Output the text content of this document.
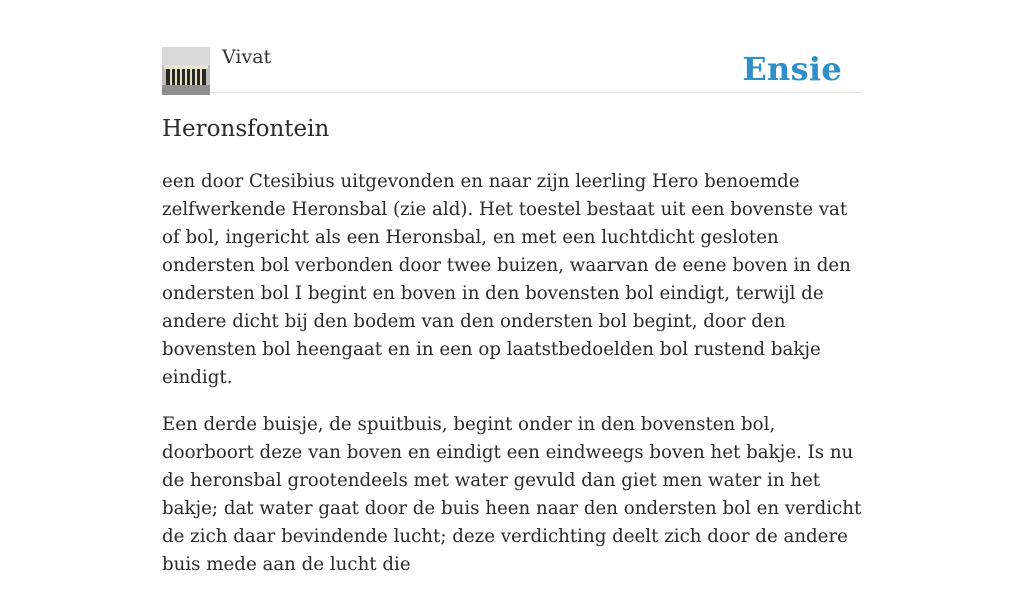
Vivat	Ensie
Heronsfontein

een door Ctesibius uitgevonden en naar zijn leerling Hero benoemde zelfwerkende Heronsbal (zie ald). Het toestel bestaat uit een bovenste vat of bol, ingericht als een Heronsbal, en met een luchtdicht gesloten ondersten bol verbonden door twee buizen, waarvan de eene boven in den ondersten bol I begint en boven in den bovensten bol eindigt, terwijl de andere dicht bij den bodem van den ondersten bol begint, door den bovensten bol heengaat en in een op laatstbedoelden bol rustend bakje eindigt.

Een derde buisje, de spuitbuis, begint onder in den bovensten bol, doorboort deze van boven en eindigt een eindweegs boven het bakje. Is nu de heronsbal grootendeels met water gevuld dan giet men water in het bakje; dat water gaat door de buis heen naar den ondersten bol en verdicht de zich daar bevindende lucht; deze verdichting deelt zich door de andere buis mede aan de lucht die
